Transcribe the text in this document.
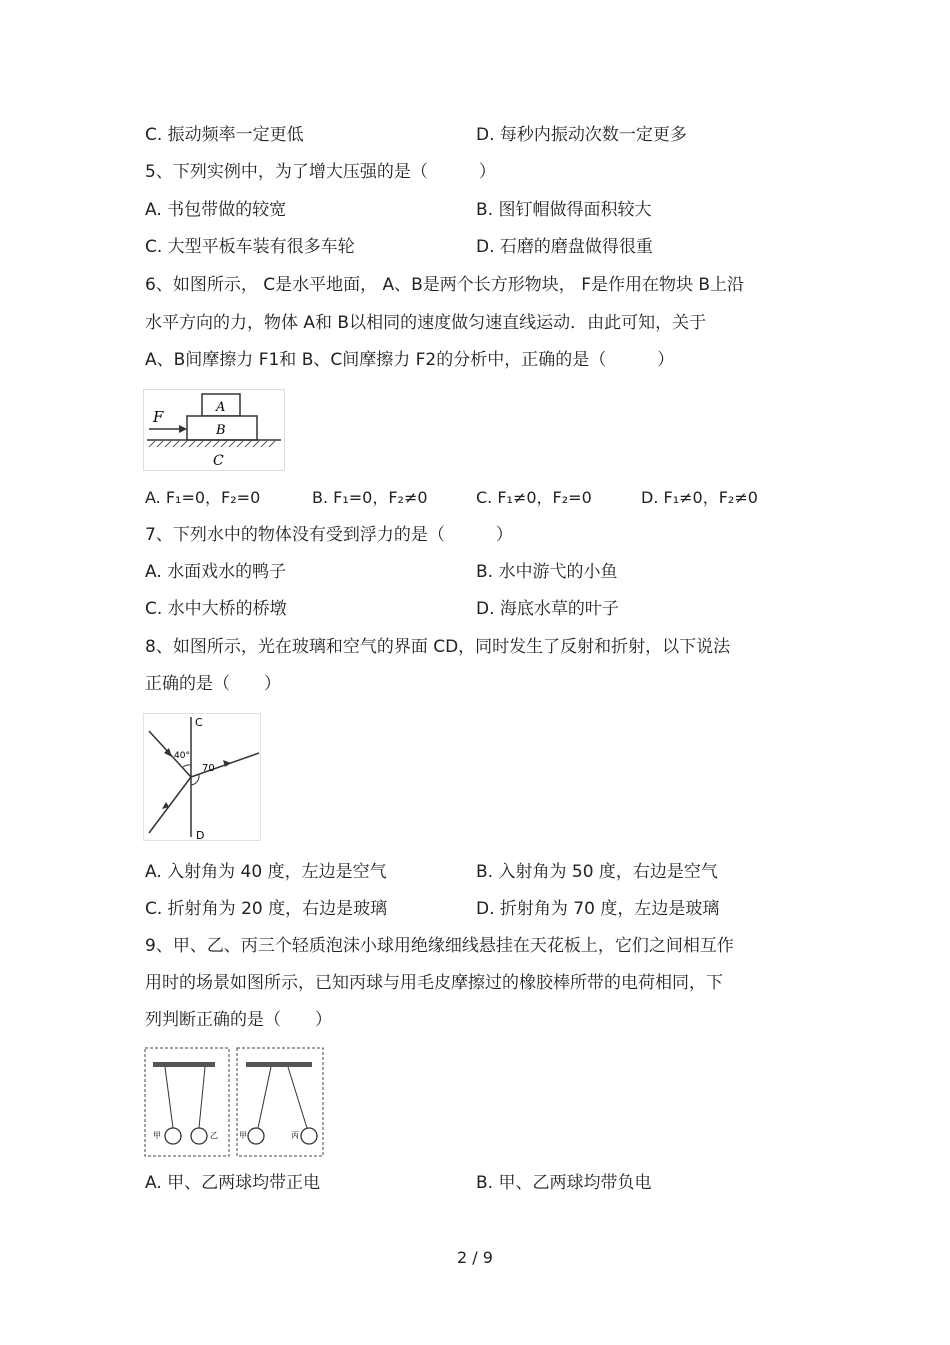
C. 振动频率一定更低	D. 每秒内振动次数一定更多
5、下列实例中，为了增大压强的是（　　　）
A. 书包带做的较宽	B. 图钉帽做得面积较大
C. 大型平板车装有很多车轮	D. 石磨的磨盘做得很重
6、如图所示， C是水平地面， A、B是两个长方形物块， F是作用在物块 B上沿
水平方向的力，物体 A和 B以相同的速度做匀速直线运动．由此可知，关于
A、B间摩擦力 F1和 B、C间摩擦力 F2的分析中，正确的是（　　　）
F
A
B
C
A. F₁=0，F₂=0	B. F₁=0，F₂≠0	C. F₁≠0，F₂=0	D. F₁≠0，F₂≠0
7、下列水中的物体没有受到浮力的是（　　　）
A. 水面戏水的鸭子	B. 水中游弋的小鱼
C. 水中大桥的桥墩	D. 海底水草的叶子
8、如图所示，光在玻璃和空气的界面 CD，同时发生了反射和折射，以下说法
正确的是（　　）
C
D
40°
70
A. 入射角为 40 度，左边是空气	B. 入射角为 50 度，右边是空气
C. 折射角为 20 度，右边是玻璃	D. 折射角为 70 度，左边是玻璃
9、甲、乙、丙三个轻质泡沫小球用绝缘细线悬挂在天花板上，它们之间相互作
用时的场景如图所示，已知丙球与用毛皮摩擦过的橡胶棒所带的电荷相同，下
列判断正确的是（　　）
甲	乙	甲	丙
A. 甲、乙两球均带正电	B. 甲、乙两球均带负电
2 / 9
